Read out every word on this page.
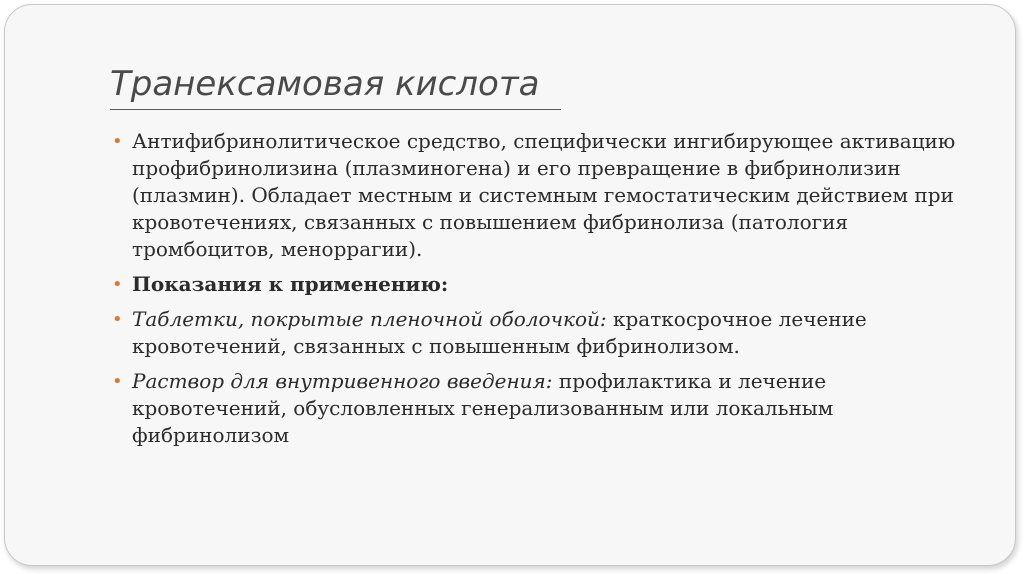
Транексамовая кислота
• Антифибринолитическое средство, специфически ингибирующее активацию профибринолизина (плазминогена) и его превращение в фибринолизин (плазмин). Обладает местным и системным гемостатическим действием при кровотечениях, связанных с повышением фибринолиза (патология тромбоцитов, меноррагии).
• Показания к применению:
• Таблетки, покрытые пленочной оболочкой: краткосрочное лечение кровотечений, связанных с повышенным фибринолизом.
• Раствор для внутривенного введения: профилактика и лечение кровотечений, обусловленных генерализованным или локальным фибринолизом
